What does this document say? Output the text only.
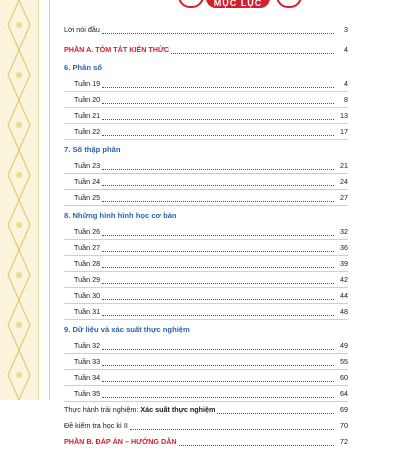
MỤC LỤC
Lời nói đầu	3
PHẦN A. TÓM TẮT KIẾN THỨC	4
6. Phân số
Tuần 19	4
Tuần 20	8
Tuần 21	13
Tuần 22	17
7. Số thập phân
Tuần 23	21
Tuần 24	24
Tuần 25	27
8. Những hình hình học cơ bản
Tuần 26	32
Tuần 27	36
Tuần 28	39
Tuần 29	42
Tuần 30	44
Tuần 31	48
9. Dữ liệu và xác suất thực nghiệm
Tuần 32	49
Tuần 33	55
Tuần 34	60
Tuần 35	64
Thực hành trải nghiệm: Xác suất thực nghiệm	69
Đề kiểm tra học kì II	70
PHẦN B. ĐÁP ÁN – HƯỚNG DẪN	72
